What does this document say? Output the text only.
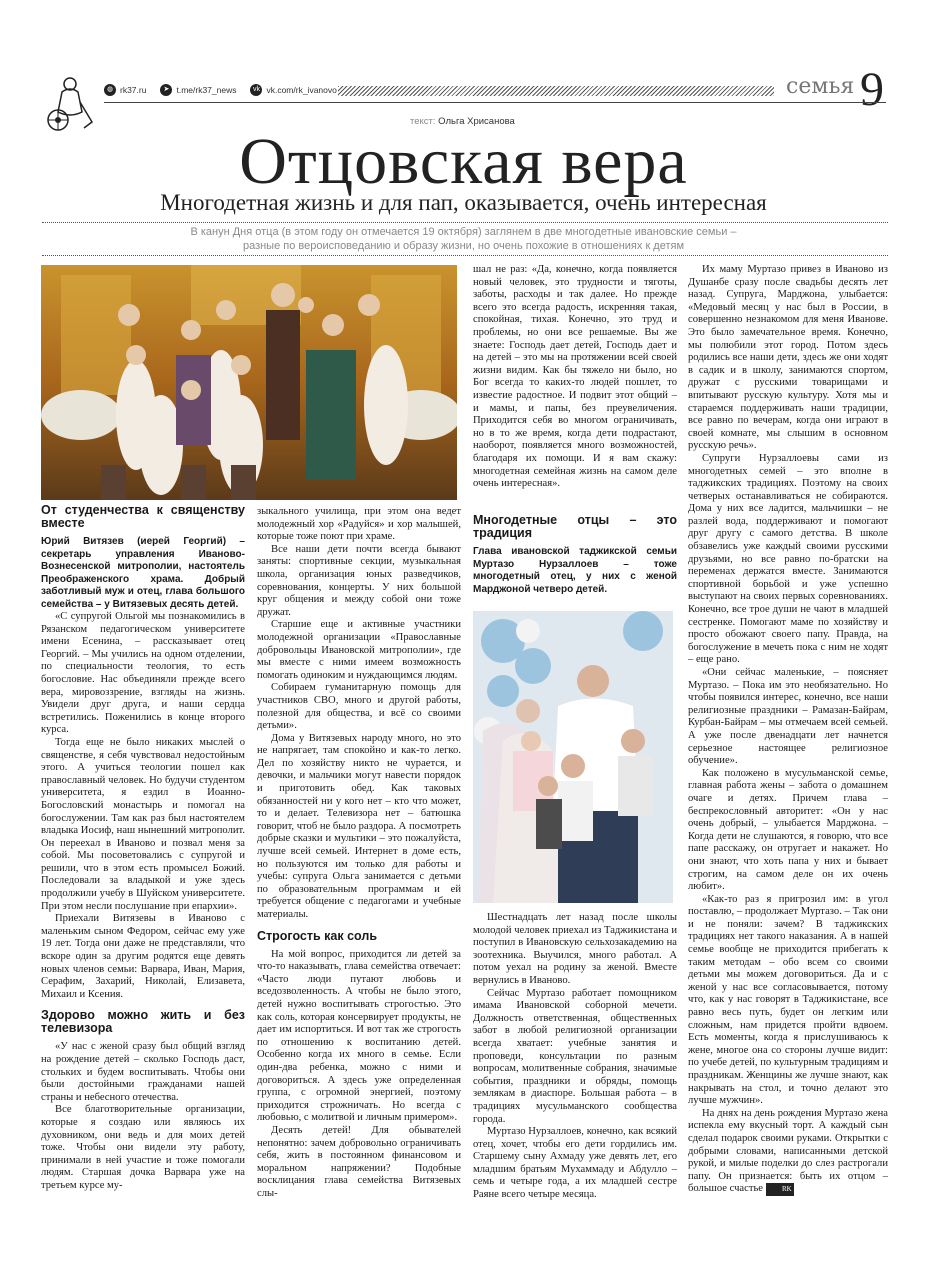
◍ rk37.ru	➤ t.me/rk37_news	vk vk.com/rk_ivanovo	семья 9
текст: Ольга Хрисанова
Отцовская вера
Многодетная жизнь и для пап, оказывается, очень интересная
В канун Дня отца (в этом году он отмечается 19 октября) заглянем в две многодетные ивановские семьи –
разные по вероисповеданию и образу жизни, но очень похожие в отношениях к детям
От студенчества к священству вместе

Юрий Витязев (иерей Георгий) – секретарь управления Иваново-Вознесенской митрополии, настоятель Преображенского храма. Добрый заботливый муж и отец, глава большого семейства – у Витязевых десять детей.

«С супругой Ольгой мы познакомились в Рязанском педагогическом университете имени Есенина, – рассказывает отец Георгий. – Мы учились на одном отделении, по специальности теология, то есть богословие. Нас объединяли прежде всего вера, мировоззрение, взгляды на жизнь. Увидели друг друга, и наши сердца встретились. Поженились в конце второго курса.

Тогда еще не было никаких мыслей о священстве, я себя чувствовал недостойным этого. А учиться теологии пошел как православный человек. Но будучи студентом университета, я ездил в Иоанно-Богословский монастырь и помогал на богослужении. Там как раз был настоятелем владыка Иосиф, наш нынешний митрополит. Он переехал в Иваново и позвал меня за собой. Мы посоветовались с супругой и решили, что в этом есть промысел Божий. Последовали за владыкой и уже здесь продолжили учебу в Шуйском университете. При этом несли послушание при епархии».

Приехали Витязевы в Иваново с маленьким сыном Федором, сейчас ему уже 19 лет. Тогда они даже не представляли, что вскоре один за другим родятся еще девять новых членов семьи: Варвара, Иван, Мария, Серафим, Захарий, Николай, Елизавета, Михаил и Ксения.

Здорово можно жить и без телевизора

«У нас с женой сразу был общий взгляд на рождение детей – сколько Господь даст, стольких и будем воспитывать. Чтобы они были достойными гражданами нашей страны и небесного отечества.

Все благотворительные организации, которые я создаю или являюсь их духовником, они ведь и для моих детей тоже. Чтобы они видели эту работу, принимали в ней участие и тоже помогали людям. Старшая дочка Варвара уже на третьем курсе му-

зыкального училища, при этом она ведет молодежный хор «Радуйся» и хор малышей, которые тоже поют при храме.

Все наши дети почти всегда бывают заняты: спортивные секции, музыкальная школа, организация юных разведчиков, соревнования, концерты. У них большой круг общения и между собой они тоже дружат.

Старшие еще и активные участники молодежной организации «Православные добровольцы Ивановской митрополии», где мы вместе с ними имеем возможность помогать одиноким и нуждающимся людям.

Собираем гуманитарную помощь для участников СВО, много и другой работы, полезной для общества, и всё со своими детьми».

Дома у Витязевых народу много, но это не напрягает, там спокойно и как-то легко. Дел по хозяйству никто не чурается, и девочки, и мальчики могут навести порядок и приготовить обед. Как таковых обязанностей ни у кого нет – кто что может, то и делает. Телевизора нет – батюшка говорит, чтоб не было раздора. А посмотреть добрые сказки и мультики – это пожалуйста, лучше всей семьей. Интернет в доме есть, но пользуются им только для работы и учебы: супруга Ольга занимается с детьми по образовательным программам и ей требуется общение с педагогами и учебные материалы.

Строгость как соль

На мой вопрос, приходится ли детей за что-то наказывать, глава семейства отвечает: «Часто люди путают любовь и вседозволенность. А чтобы не было этого, детей нужно воспитывать строгостью. Это как соль, которая консервирует продукты, не дает им испортиться. И вот так же строгость по отношению к воспитанию детей. Особенно когда их много в семье. Если один-два ребенка, можно с ними и договориться. А здесь уже определенная группа, с огромной энергией, поэтому приходится строжничать. Но всегда с любовью, с молитвой и личным примером».

Десять детей! Для обывателей непонятно: зачем добровольно ограничивать себя, жить в постоянном финансовом и моральном напряжении? Подобные восклицания глава семейства Витязевых слы-

шал не раз: «Да, конечно, когда появляется новый человек, это трудности и тяготы, заботы, расходы и так далее. Но прежде всего это всегда радость, искренняя такая, спокойная, тихая. Конечно, это труд и проблемы, но они все решаемые. Вы же знаете: Господь дает детей, Господь дает и на детей – это мы на протяжении всей своей жизни видим. Как бы тяжело ни было, но Бог всегда то каких-то людей пошлет, то известие радостное. И подвит этот общий – и мамы, и папы, без преувеличения. Приходится себя во многом ограничивать, но в то же время, когда дети подрастают, наоборот, появляется много возможностей, благодаря их помощи. И я вам скажу: многодетная семейная жизнь на самом деле очень интересная».

Многодетные отцы – это традиция

Глава ивановской таджикской семьи Муртазо Нурзаллоев – тоже многодетный отец, у них с женой Марджоной четверо детей.

Шестнадцать лет назад после школы молодой человек приехал из Таджикистана и поступил в Ивановскую сельхозакадемию на зоотехника. Выучился, много работал. А потом уехал на родину за женой. Вместе вернулись в Иваново.

Сейчас Муртазо работает помощником имама Ивановской соборной мечети. Должность ответственная, общественных забот в любой религиозной организации всегда хватает: учебные занятия и проповеди, консультации по разным вопросам, молитвенные собрания, значимые события, праздники и обряды, помощь землякам в диаспоре. Большая работа – в традициях мусульманского сообщества города.

Муртазо Нурзаллоев, конечно, как всякий отец, хочет, чтобы его дети гордились им. Старшему сыну Ахмаду уже девять лет, его младшим братьям Мухаммаду и Абдулло – семь и четыре года, а их младшей сестре Раяне всего четыре месяца.

Их маму Муртазо привез в Иваново из Душанбе сразу после свадьбы десять лет назад. Супруга, Марджона, улыбается: «Медовый месяц у нас был в России, в совершенно незнакомом для меня Иванове. Это было замечательное время. Конечно, мы полюбили этот город. Потом здесь родились все наши дети, здесь же они ходят в садик и в школу, занимаются спортом, дружат с русскими товарищами и впитывают русскую культуру. Хотя мы и стараемся поддерживать наши традиции, все равно по вечерам, когда они играют в своей комнате, мы слышим в основном русскую речь».

Супруги Нурзаллоевы сами из многодетных семей – это вполне в таджикских традициях. Поэтому на своих четверых останавливаться не собираются. Дома у них все ладится, мальчишки – не разлей вода, поддерживают и помогают друг другу с самого детства. В школе обзавелись уже каждый своими русскими друзьями, но все равно по-братски на переменах держатся вместе. Занимаются спортивной борьбой и уже успешно выступают на своих первых соревнованиях. Конечно, все трое души не чают в младшей сестренке. Помогают маме по хозяйству и просто обожают своего папу. Правда, на богослужение в мечеть пока с ним не ходят – еще рано.

«Они сейчас маленькие, – поясняет Муртазо. – Пока им это необязательно. Но чтобы появился интерес, конечно, все наши религиозные праздники – Рамазан-Байрам, Курбан-Байрам – мы отмечаем всей семьей. А уже после двенадцати лет начнется серьезное настоящее религиозное обучение».

Как положено в мусульманской семье, главная работа жены – забота о домашнем очаге и детях. Причем глава – беспрекословный авторитет: «Он у нас очень добрый, – улыбается Марджона. – Когда дети не слушаются, я говорю, что все папе расскажу, он отругает и накажет. Но они знают, что хоть папа у них и бывает строгим, на самом деле он их очень любит».

«Как-то раз я пригрозил им: в угол поставлю, – продолжает Муртазо. – Так они и не поняли: зачем? В таджикских традициях нет такого наказания. А в нашей семье вообще не приходится прибегать к таким методам – обо всем со своими детьми мы можем договориться. Да и с женой у нас все согласовывается, потому что, как у нас говорят в Таджикистане, все равно весь путь, будет он легким или сложным, нам придется пройти вдвоем. Есть моменты, когда я прислушиваюсь к жене, многое она со стороны лучше видит: по учебе детей, по культурным традициям и праздникам. Женщины же лучше знают, как накрывать на стол, и точно делают это лучше мужчин».

На днях на день рождения Муртазо жена испекла ему вкусный торт. А каждый сын сделал подарок своими руками. Открытки с добрыми словами, написанными детской рукой, и милые поделки до слез растрогали папу. Он признается: быть их отцом – большое счастье	RK
